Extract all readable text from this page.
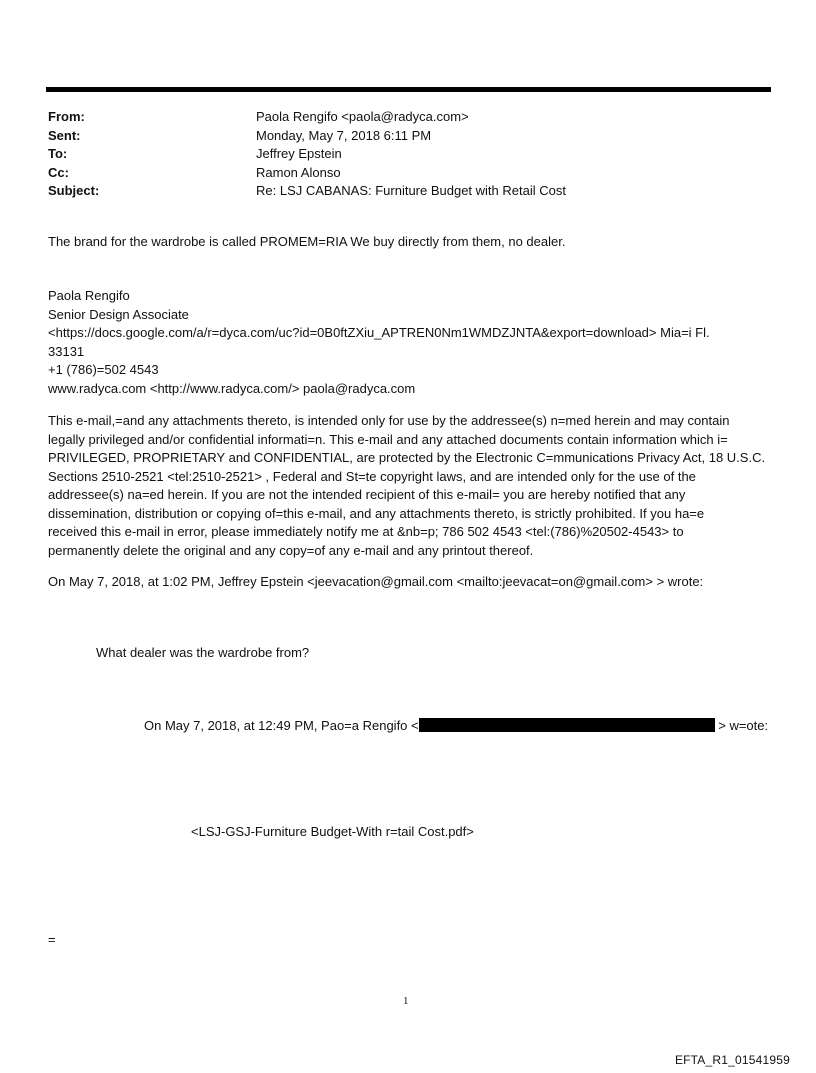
From:	Paola Rengifo <paola@radyca.com>
Sent:	Monday, May 7, 2018 6:11 PM
To:	Jeffrey Epstein
Cc:	Ramon Alonso
Subject:	Re: LSJ CABANAS: Furniture Budget with Retail Cost
The brand for the wardrobe is called PROMEM=RIA We buy directly from them, no dealer.
Paola Rengifo
Senior Design Associate
<https://docs.google.com/a/r=dyca.com/uc?id=0B0ftZXiu_APTREN0Nm1WMDZJNTA&export=download> Mia=i Fl.
33131
+1 (786)=502 4543
www.radyca.com <http://www.radyca.com/> paola@radyca.com
This e-mail,=and any attachments thereto, is intended only for use by the addressee(s) n=med herein and may contain
legally privileged and/or confidential informati=n. This e-mail and any attached documents contain information which i=
PRIVILEGED, PROPRIETARY and CONFIDENTIAL, are protected by the Electronic C=mmunications Privacy Act, 18 U.S.C.
Sections 2510-2521 <tel:2510-2521> , Federal and St=te copyright laws, and are intended only for the use of the
addressee(s) na=ed herein. If you are not the intended recipient of this e-mail= you are hereby notified that any
dissemination, distribution or copying of=this e-mail, and any attachments thereto, is strictly prohibited. If you ha=e
received this e-mail in error, please immediately notify me at &nb=p; 786 502 4543 <tel:(786)%20502-4543> to
permanently delete the original and any copy=of any e-mail and any printout thereof.
On May 7, 2018, at 1:02 PM, Jeffrey Epstein <jeevacation@gmail.com <mailto:jeevacat=on@gmail.com> > wrote:
What dealer was the wardrobe from?
On May 7, 2018, at 12:49 PM, Pao=a Rengifo <	> w=ote:
<LSJ-GSJ-Furniture Budget-With r=tail Cost.pdf>
=
1
EFTA_R1_01541959
